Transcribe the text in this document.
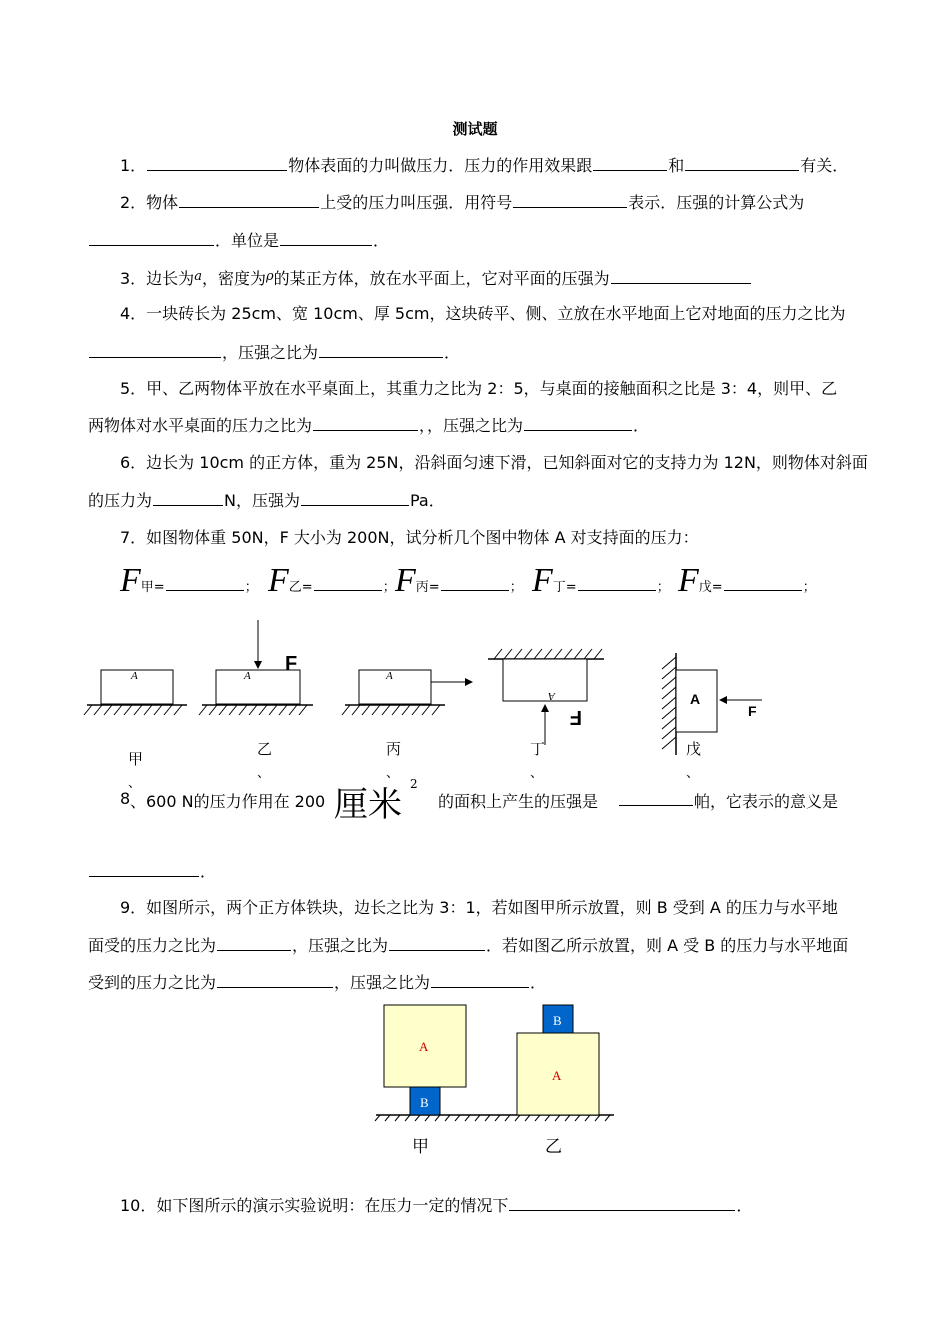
测试题
1．	物体表面的力叫做压力．压力的作用效果跟	和	有关．
2．物体	上受的压力叫压强．用符号	表示．压强的计算公式为
．单位是	．
3．边长为$^a$，密度为$^\rho$的某正方体，放在水平面上，它对平面的压强为
4．一块砖长为 25cm、宽 10cm、厚 5cm，这块砖平、侧、立放在水平地面上它对地面的压力之比为
，压强之比为	．
5．甲、乙两物体平放在水平桌面上，其重力之比为 2：5，与桌面的接触面积之比是 3：4，则甲、乙
两物体对水平桌面的压力之比为	，，压强之比为	．
6．边长为 10cm 的正方体，重为 25N，沿斜面匀速下滑，已知斜面对它的支持力为 12N，则物体对斜面
的压力为	N，压强为	Pa．
7．如图物体重 50N，F 大小为 200N，试分析几个图中物体 A 对支持面的压力：
F甲=	； F乙=	； F丙=	； F丁=	； F戊=	；
A	A
F
A
A
F
A
F
甲
乙	丙	丁	戊
、
、	、	、	、
8 、600 N的压力作用在 200 厘米
2
的面积上产生的压强是	帕，它表示的意义是
．
9．如图所示，两个正方体铁块，边长之比为 3：1，若如图甲所示放置，则 B 受到 A 的压力与水平地
面受的压力之比为	，压强之比为	．若如图乙所示放置，则 A 受 B 的压力与水平地面
受到的压力之比为	，压强之比为	．
A
B
B
A
甲	乙
10．如下图所示的演示实验说明：在压力一定的情况下	．
